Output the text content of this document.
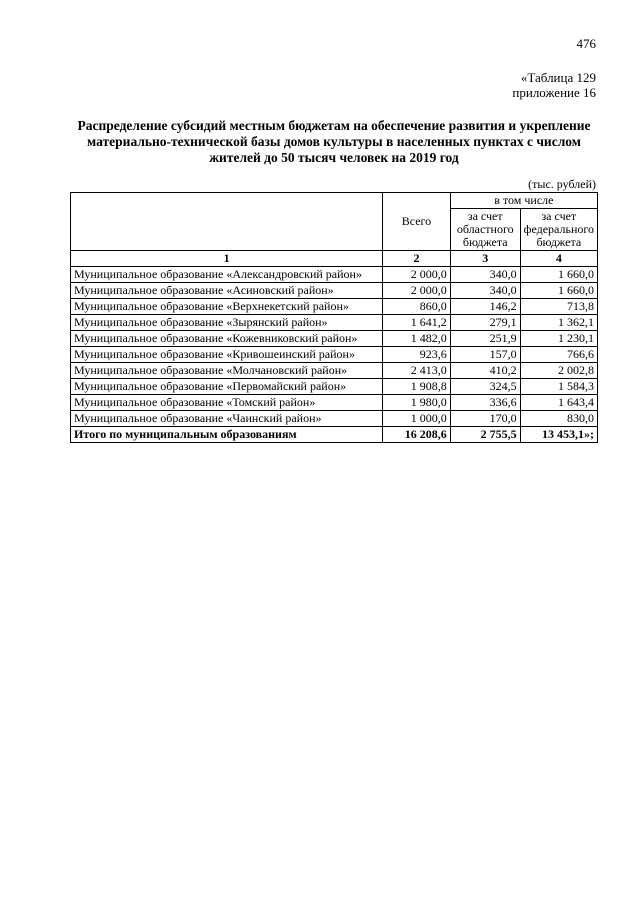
476
«Таблица 129
приложение 16
Распределение субсидий местным бюджетам на обеспечение развития и укрепление материально-технической базы домов культуры в населенных пунктах с числом жителей до 50 тысяч человек на 2019 год
(тыс. рублей)
	Всего	в том числе	
		за счет областного бюджета	за счет федерального бюджета
1	2	3	4
Муниципальное образование «Александровский район»	2 000,0	340,0	1 660,0
Муниципальное образование «Асиновский район»	2 000,0	340,0	1 660,0
Муниципальное образование «Верхнекетский район»	860,0	146,2	713,8
Муниципальное образование «Зырянский район»	1 641,2	279,1	1 362,1
Муниципальное образование «Кожевниковский район»	1 482,0	251,9	1 230,1
Муниципальное образование «Кривошеинский район»	923,6	157,0	766,6
Муниципальное образование «Молчановский район»	2 413,0	410,2	2 002,8
Муниципальное образование «Первомайский район»	1 908,8	324,5	1 584,3
Муниципальное образование «Томский район»	1 980,0	336,6	1 643,4
Муниципальное образование «Чаинский район»	1 000,0	170,0	830,0
Итого по муниципальным образованиям	16 208,6	2 755,5	13 453,1»;
